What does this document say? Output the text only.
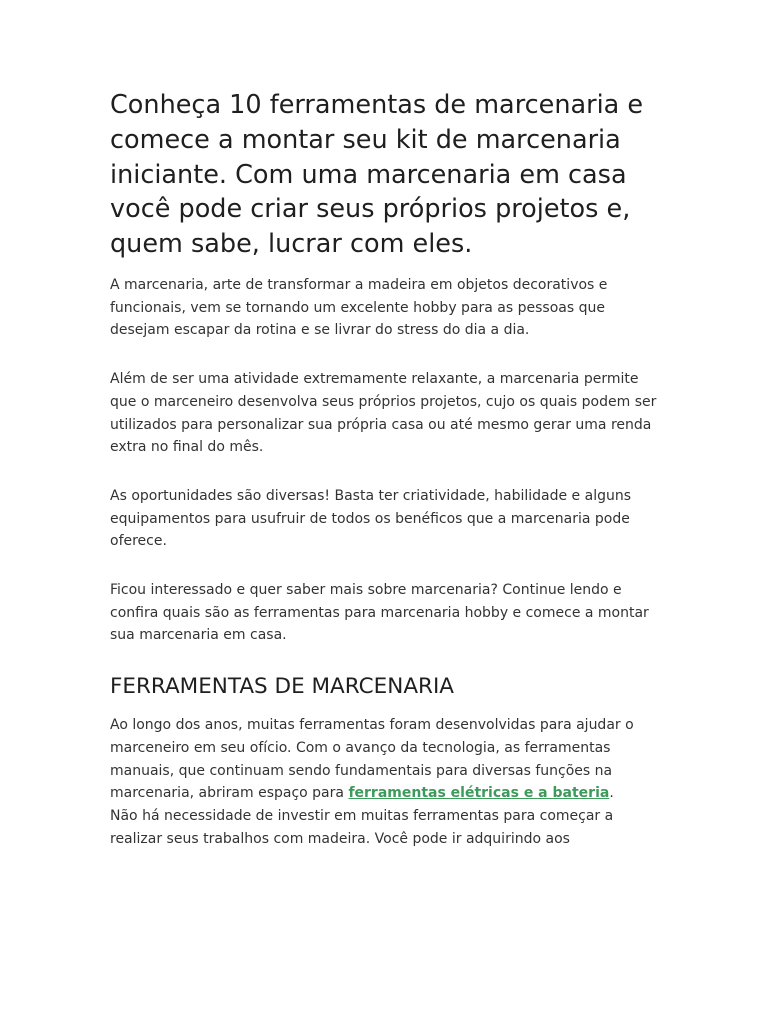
Conheça 10 ferramentas de marcenaria e comece a montar seu kit de marcenaria iniciante. Com uma marcenaria em casa você pode criar seus próprios projetos e, quem sabe, lucrar com eles.

A marcenaria, arte de transformar a madeira em objetos decorativos e funcionais, vem se tornando um excelente hobby para as pessoas que desejam escapar da rotina e se livrar do stress do dia a dia.

Além de ser uma atividade extremamente relaxante, a marcenaria permite que o marceneiro desenvolva seus próprios projetos, cujo os quais podem ser utilizados para personalizar sua própria casa ou até mesmo gerar uma renda extra no final do mês.

As oportunidades são diversas! Basta ter criatividade, habilidade e alguns equipamentos para usufruir de todos os benéficos que a marcenaria pode oferece.

Ficou interessado e quer saber mais sobre marcenaria? Continue lendo e confira quais são as ferramentas para marcenaria hobby e comece a montar sua marcenaria em casa.

FERRAMENTAS DE MARCENARIA

Ao longo dos anos, muitas ferramentas foram desenvolvidas para ajudar o marceneiro em seu ofício. Com o avanço da tecnologia, as ferramentas manuais, que continuam sendo fundamentais para diversas funções na marcenaria, abriram espaço para ferramentas elétricas e a bateria.
Não há necessidade de investir em muitas ferramentas para começar a realizar seus trabalhos com madeira. Você pode ir adquirindo aos
